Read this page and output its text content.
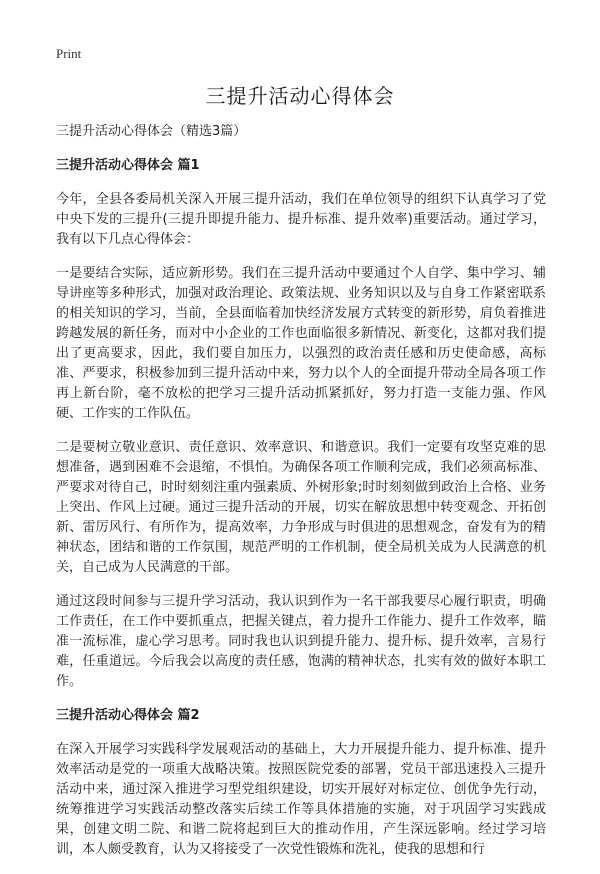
Print
三提升活动心得体会

三提升活动心得体会（精选3篇）

三提升活动心得体会 篇1

今年，全县各委局机关深入开展三提升活动，我们在单位领导的组织下认真学习了党中央下发的三提升(三提升即提升能力、提升标准、提升效率)重要活动。通过学习，我有以下几点心得体会：

一是要结合实际，适应新形势。我们在三提升活动中要通过个人自学、集中学习、辅导讲座等多种形式，加强对政治理论、政策法规、业务知识以及与自身工作紧密联系的相关知识的学习，当前，全县面临着加快经济发展方式转变的新形势，肩负着推进跨越发展的新任务，而对中小企业的工作也面临很多新情况、新变化，这都对我们提出了更高要求，因此，我们要自加压力，以强烈的政治责任感和历史使命感，高标准、严要求，积极参加到三提升活动中来，努力以个人的全面提升带动全局各项工作再上新台阶，毫不放松的把学习三提升活动抓紧抓好，努力打造一支能力强、作风硬、工作实的工作队伍。

二是要树立敬业意识、责任意识、效率意识、和谐意识。我们一定要有攻坚克难的思想准备，遇到困难不会退缩，不惧怕。为确保各项工作顺利完成，我们必须高标准、严要求对待自己，时时刻刻注重内强素质、外树形象;时时刻刻做到政治上合格、业务上突出、作风上过硬。通过三提升活动的开展，切实在解放思想中转变观念、开拓创新、雷厉风行、有所作为，提高效率，力争形成与时俱进的思想观念，奋发有为的精神状态，团结和谐的工作氛围，规范严明的工作机制，使全局机关成为人民满意的机关，自己成为人民满意的干部。

通过这段时间参与三提升学习活动，我认识到作为一名干部我要尽心履行职责，明确工作责任，在工作中要抓重点，把握关键点，着力提升工作能力、提升工作效率，瞄准一流标准，虚心学习思考。同时我也认识到提升能力、提升标、提升效率，言易行难，任重道远。今后我会以高度的责任感，饱满的精神状态，扎实有效的做好本职工作。

三提升活动心得体会 篇2

在深入开展学习实践科学发展观活动的基础上，大力开展提升能力、提升标准、提升效率活动是党的一项重大战略决策。按照医院党委的部署，党员干部迅速投入三提升活动中来，通过深入推进学习型党组织建设，切实开展好对标定位、创优争先行动，统筹推进学习实践活动整改落实后续工作等具体措施的实施，对于巩固学习实践成果，创建文明二院、和谐二院将起到巨大的推动作用，产生深远影响。经过学习培训，本人颇受教育，认为又将接受了一次党性锻炼和洗礼，使我的思想和行
